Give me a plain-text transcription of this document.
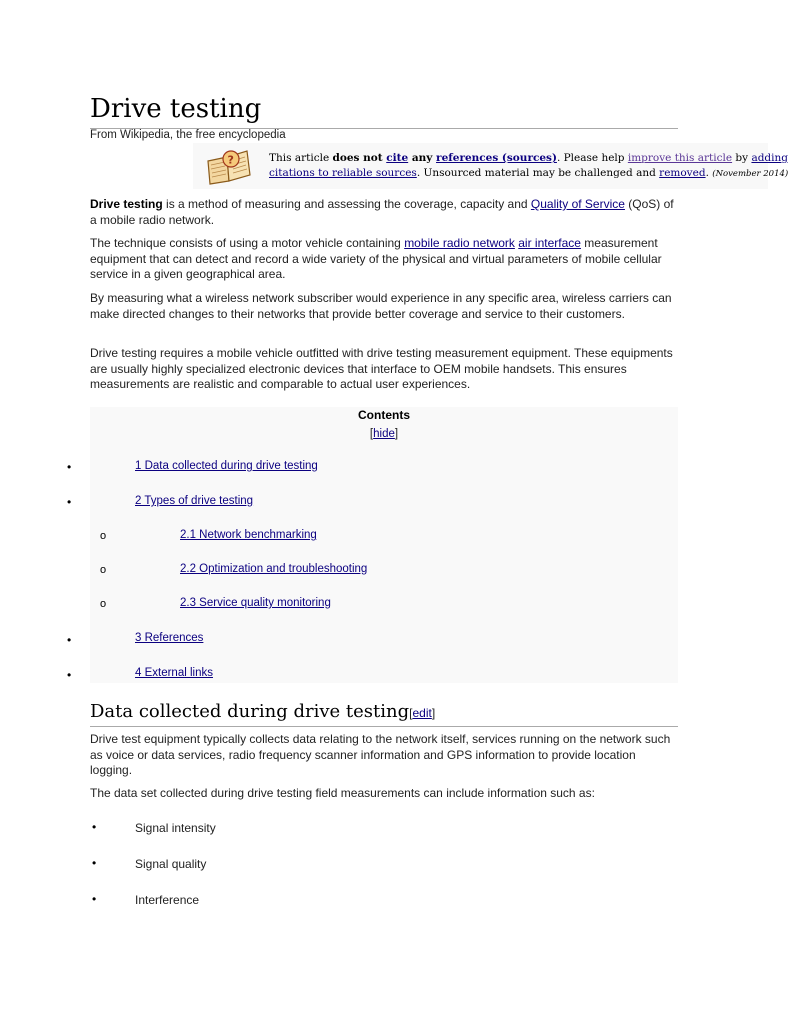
Drive testing
From Wikipedia, the free encyclopedia
?	This article does not cite any references (sources). Please help improve this article by adding
citations to reliable sources. Unsourced material may be challenged and removed. (November 2014)

Drive testing is a method of measuring and assessing the coverage, capacity and Quality of Service (QoS) of a mobile radio network.

The technique consists of using a motor vehicle containing mobile radio network air interface measurement equipment that can detect and record a wide variety of the physical and virtual parameters of mobile cellular service in a given geographical area.

By measuring what a wireless network subscriber would experience in any specific area, wireless carriers can make directed changes to their networks that provide better coverage and service to their customers.

Drive testing requires a mobile vehicle outfitted with drive testing measurement equipment. These equipments are usually highly specialized electronic devices that interface to OEM mobile handsets. This ensures measurements are realistic and comparable to actual user experiences.

Contents
[hide]
•	1 Data collected during drive testing
•	2 Types of drive testing
o	2.1 Network benchmarking
o	2.2 Optimization and troubleshooting
o	2.3 Service quality monitoring
•	3 References
•	4 External links
Data collected during drive testing[edit]

Drive test equipment typically collects data relating to the network itself, services running on the network such as voice or data services, radio frequency scanner information and GPS information to provide location logging.

The data set collected during drive testing field measurements can include information such as:

•	Signal intensity
•	Signal quality
•	Interference
